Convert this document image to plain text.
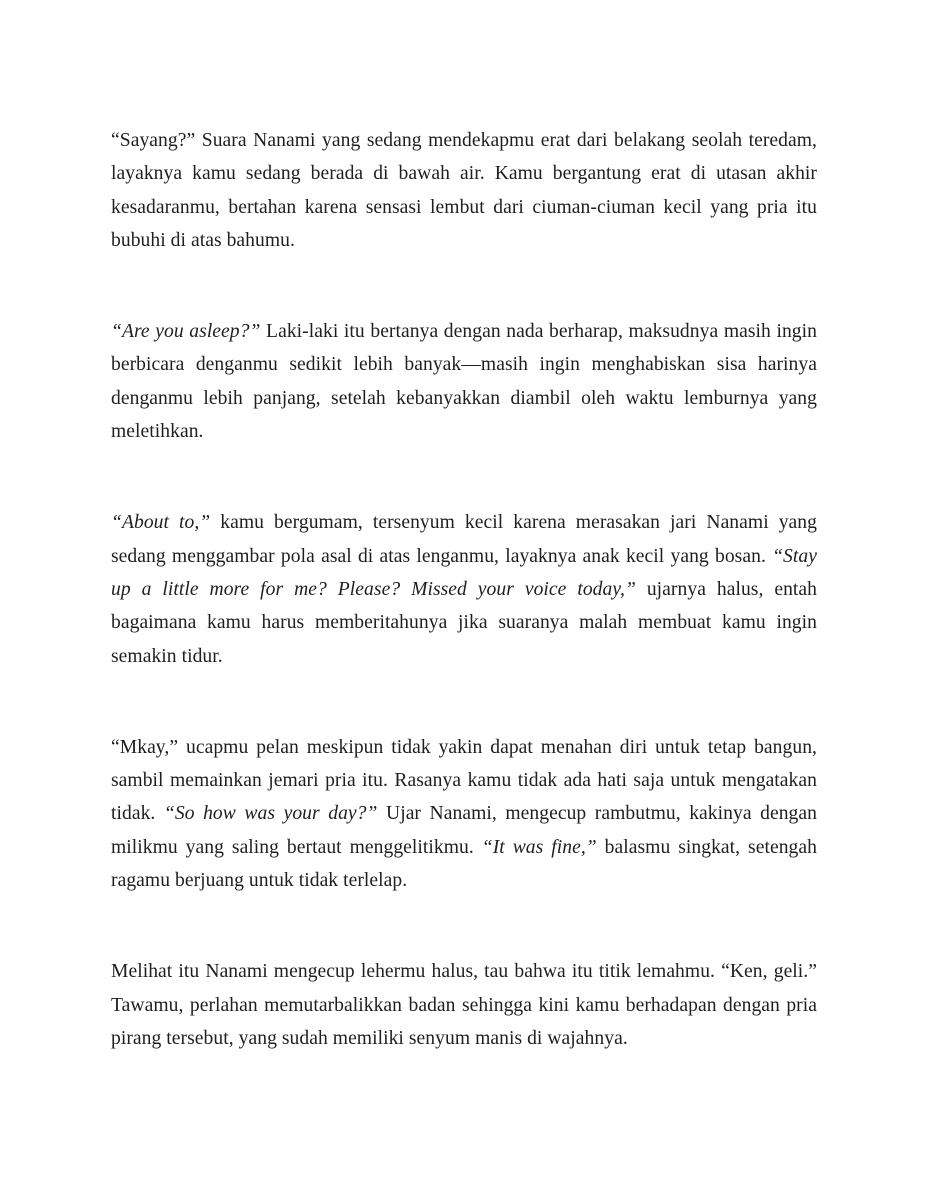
“Sayang?” Suara Nanami yang sedang mendekapmu erat dari belakang seolah teredam, layaknya kamu sedang berada di bawah air. Kamu bergantung erat di utasan akhir kesadaranmu, bertahan karena sensasi lembut dari ciuman-ciuman kecil yang pria itu bubuhi di atas bahumu.

“Are you asleep?” Laki-laki itu bertanya dengan nada berharap, maksudnya masih ingin berbicara denganmu sedikit lebih banyak—masih ingin menghabiskan sisa harinya denganmu lebih panjang, setelah kebanyakkan diambil oleh waktu lemburnya yang meletihkan.

“About to,” kamu bergumam, tersenyum kecil karena merasakan jari Nanami yang sedang menggambar pola asal di atas lenganmu, layaknya anak kecil yang bosan. “Stay up a little more for me? Please? Missed your voice today,” ujarnya halus, entah bagaimana kamu harus memberitahunya jika suaranya malah membuat kamu ingin semakin tidur.

“Mkay,” ucapmu pelan meskipun tidak yakin dapat menahan diri untuk tetap bangun, sambil memainkan jemari pria itu. Rasanya kamu tidak ada hati saja untuk mengatakan tidak. “So how was your day?” Ujar Nanami, mengecup rambutmu, kakinya dengan milikmu yang saling bertaut menggelitikmu. “It was fine,” balasmu singkat, setengah ragamu berjuang untuk tidak terlelap.

Melihat itu Nanami mengecup lehermu halus, tau bahwa itu titik lemahmu. “Ken, geli.” Tawamu, perlahan memutarbalikkan badan sehingga kini kamu berhadapan dengan pria pirang tersebut, yang sudah memiliki senyum manis di wajahnya.
